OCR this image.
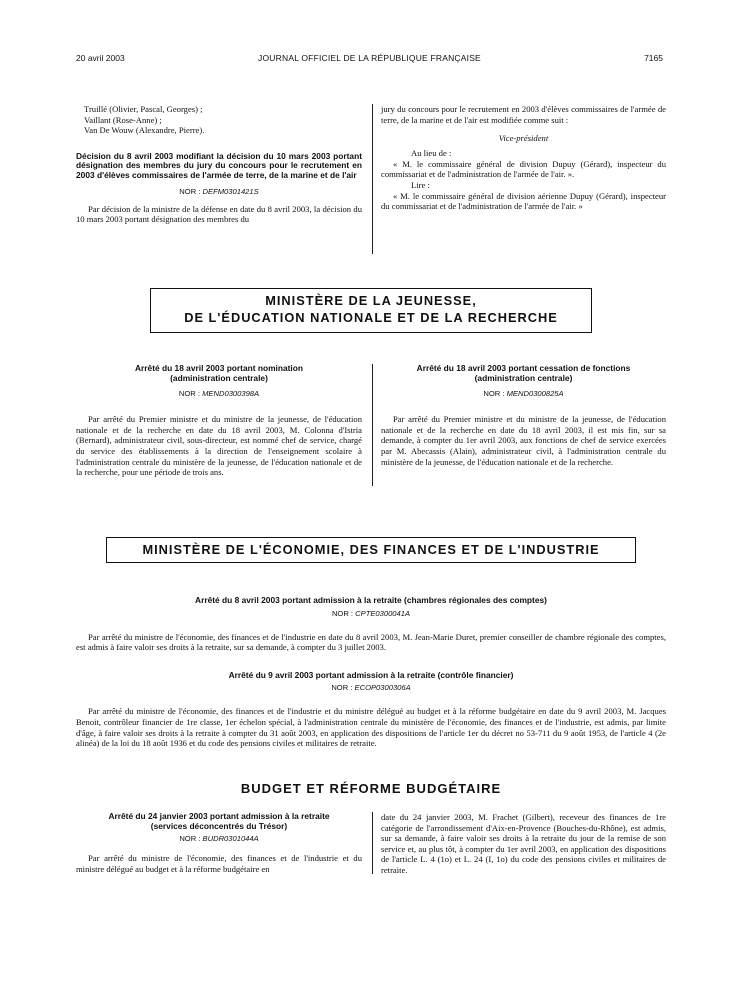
20 avril 2003	JOURNAL OFFICIEL DE LA RÉPUBLIQUE FRANÇAISE	7165

Truillé (Olivier, Pascal, Georges) ;

Vaillant (Rose-Anne) ;

Van De Wouw (Alexandre, Pierre).

Décision du 8 avril 2003 modifiant la décision du 10 mars 2003 portant désignation des membres du jury du concours pour le recrutement en 2003 d'élèves commissaires de l'armée de terre, de la marine et de l'air

NOR : DEFM0301421S

Par décision de la ministre de la défense en date du 8 avril 2003, la décision du 10 mars 2003 portant désignation des membres du

jury du concours pour le recrutement en 2003 d'élèves commissaires de l'armée de terre, de la marine et de l'air est modifiée comme suit :

Vice-président

Au lieu de :

« M. le commissaire général de division Dupuy (Gérard), inspecteur du commissariat et de l'administration de l'armée de l'air. ».

Lire :

« M. le commissaire général de division aérienne Dupuy (Gérard), inspecteur du commissariat et de l'administration de l'armée de l'air. »

MINISTÈRE DE LA JEUNESSE,
DE L'ÉDUCATION NATIONALE ET DE LA RECHERCHE

Arrêté du 18 avril 2003 portant nomination (administration centrale)

NOR : MEND0300398A

Par arrêté du Premier ministre et du ministre de la jeunesse, de l'éducation nationale et de la recherche en date du 18 avril 2003, M. Colonna d'Istria (Bernard), administrateur civil, sous-directeur, est nommé chef de service, chargé du service des établissements à la direction de l'enseignement scolaire à l'administration centrale du ministère de la jeunesse, de l'éducation nationale et de la recherche, pour une période de trois ans.

Arrêté du 18 avril 2003 portant cessation de fonctions (administration centrale)

NOR : MEND0300825A

Par arrêté du Premier ministre et du ministre de la jeunesse, de l'éducation nationale et de la recherche en date du 18 avril 2003, il est mis fin, sur sa demande, à compter du 1er avril 2003, aux fonctions de chef de service exercées par M. Abecassis (Alain), administrateur civil, à l'administration centrale du ministère de la jeunesse, de l'éducation nationale et de la recherche.

MINISTÈRE DE L'ÉCONOMIE, DES FINANCES ET DE L'INDUSTRIE

Arrêté du 8 avril 2003 portant admission à la retraite (chambres régionales des comptes)

NOR : CPTE0300041A

Par arrêté du ministre de l'économie, des finances et de l'industrie en date du 8 avril 2003, M. Jean-Marie Duret, premier conseiller de chambre régionale des comptes, est admis à faire valoir ses droits à la retraite, sur sa demande, à compter du 3 juillet 2003.

Arrêté du 9 avril 2003 portant admission à la retraite (contrôle financier)

NOR : ECOP0300306A

Par arrêté du ministre de l'économie, des finances et de l'industrie et du ministre délégué au budget et à la réforme budgétaire en date du 9 avril 2003, M. Jacques Benoit, contrôleur financier de 1re classe, 1er échelon spécial, à l'administration centrale du ministère de l'économie, des finances et de l'industrie, est admis, par limite d'âge, à faire valoir ses droits à la retraite à compter du 31 août 2003, en application des dispositions de l'article 1er du décret no 53-711 du 9 août 1953, de l'article 4 (2e alinéa) de la loi du 18 août 1936 et du code des pensions civiles et militaires de retraite.

BUDGET ET RÉFORME BUDGÉTAIRE

Arrêté du 24 janvier 2003 portant admission à la retraite (services déconcentrés du Trésor)

NOR : BUDR0301044A

Par arrêté du ministre de l'économie, des finances et de l'industrie et du ministre délégué au budget et à la réforme budgétaire en

date du 24 janvier 2003, M. Frachet (Gilbert), receveur des finances de 1re catégorie de l'arrondissement d'Aix-en-Provence (Bouches-du-Rhône), est admis, sur sa demande, à faire valoir ses droits à la retraite du jour de la remise de son service et, au plus tôt, à compter du 1er avril 2003, en application des dispositions de l'article L. 4 (1o) et L. 24 (I, 1o) du code des pensions civiles et militaires de retraite.
